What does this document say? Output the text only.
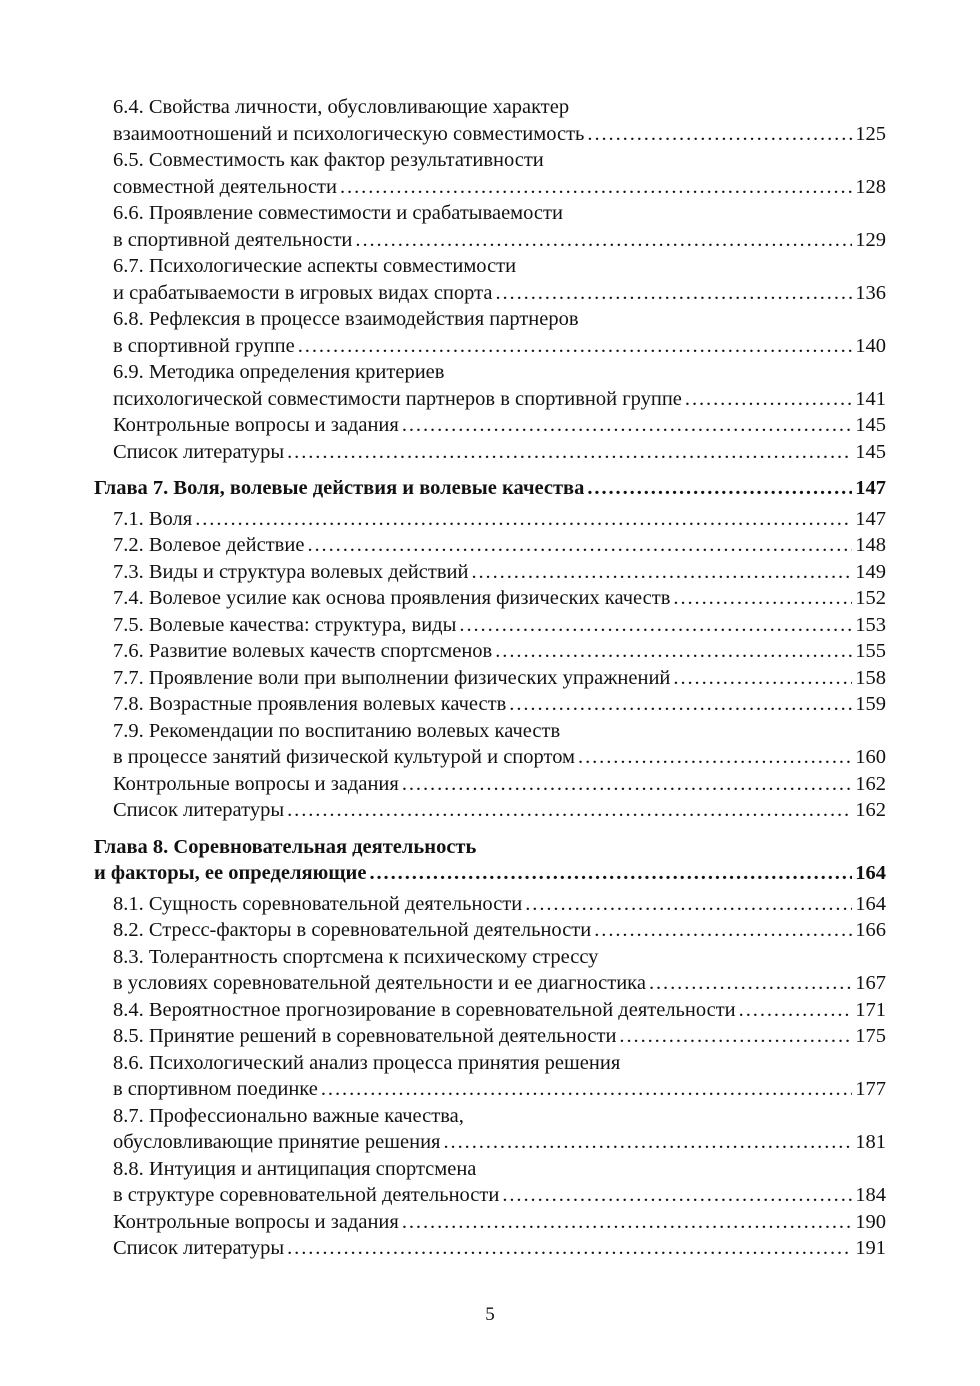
6.4. Свойства личности, обусловливающие характер
взаимоотношений и психологическую совместимость . . .	125
6.5. Совместимость как фактор результативности
совместной деятельности . . .	128
6.6. Проявление совместимости и срабатываемости
в спортивной деятельности . . .	129
6.7. Психологические аспекты совместимости
и срабатываемости в игровых видах спорта . . .	136
6.8. Рефлексия в процессе взаимодействия партнеров
в спортивной группе . . .	140
6.9. Методика определения критериев
психологической совместимости партнеров в спортивной группе . . .	141
Контрольные вопросы и задания . . .	145
Список литературы . . .	145
Глава 7. Воля, волевые действия и волевые качества . . .	147
7.1. Воля . . .	147
7.2. Волевое действие . . .	148
7.3. Виды и структура волевых действий . . .	149
7.4. Волевое усилие как основа проявления физических качеств . . .	152
7.5. Волевые качества: структура, виды . . .	153
7.6. Развитие волевых качеств спортсменов . . .	155
7.7. Проявление воли при выполнении физических упражнений . . .	158
7.8. Возрастные проявления волевых качеств . . .	159
7.9. Рекомендации по воспитанию волевых качеств
в процессе занятий физической культурой и спортом . . .	160
Контрольные вопросы и задания . . .	162
Список литературы . . .	162
Глава 8. Соревновательная деятельность
и факторы, ее определяющие . . .	164
8.1. Сущность соревновательной деятельности . . .	164
8.2. Стресс-факторы в соревновательной деятельности . . .	166
8.3. Толерантность спортсмена к психическому стрессу
в условиях соревновательной деятельности и ее диагностика . . .	167
8.4. Вероятностное прогнозирование в соревновательной деятельности . . .	171
8.5. Принятие решений в соревновательной деятельности . . .	175
8.6. Психологический анализ процесса принятия решения
в спортивном поединке . . .	177
8.7. Профессионально важные качества,
обусловливающие принятие решения . . .	181
8.8. Интуиция и антиципация спортсмена
в структуре соревновательной деятельности . . .	184
Контрольные вопросы и задания . . .	190
Список литературы . . .	191
5
